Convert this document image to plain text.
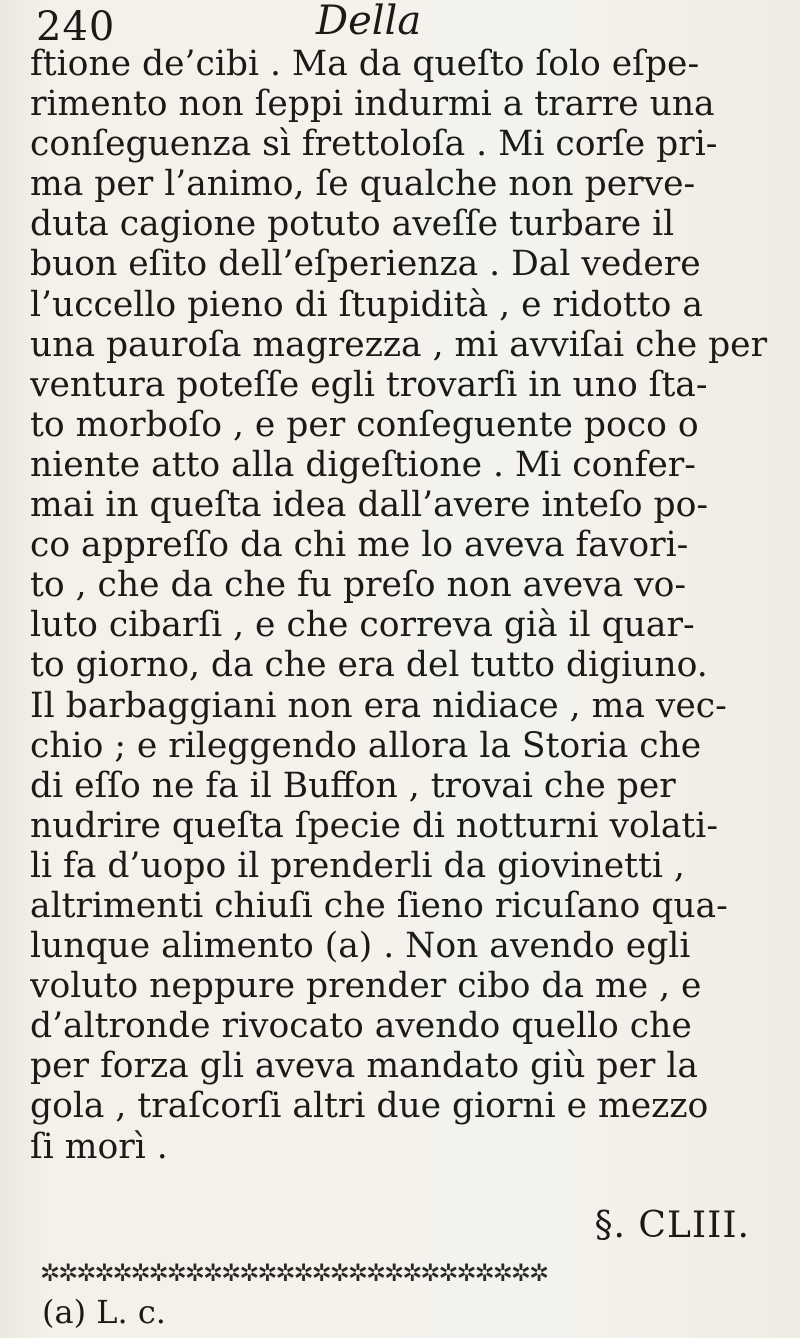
240	Della
ftione de’cibi . Ma da queſto ſolo eſpe-
rimento non ſeppi indurmi a trarre una
conſeguenza sì frettoloſa . Mi corſe pri-
ma per l’animo, ſe qualche non perve-
duta cagione potuto aveſſe turbare il
buon eſito dell’eſperienza . Dal vedere
l’uccello pieno di ſtupidità , e ridotto a
una pauroſa magrezza , mi avviſai che per
ventura poteſſe egli trovarſi in uno ſta-
to morboſo , e per conſeguente poco o
niente atto alla digeſtione . Mi confer-
mai in queſta idea dall’avere inteſo po-
co appreſſo da chi me lo aveva favori-
to , che da che fu preſo non aveva vo-
luto cibarſi , e che correva già il quar-
to giorno, da che era del tutto digiuno.
Il barbaggiani non era nidiace , ma vec-
chio ; e rileggendo allora la Storia che
di eſſo ne fa il Buffon , trovai che per
nudrire queſta ſpecie di notturni volati-
li fa d’uopo il prenderli da giovinetti ,
altrimenti chiuſi che ſieno ricuſano qua-
lunque alimento (a) . Non avendo egli
voluto neppure prender cibo da me , e
d’altronde rivocato avendo quello che
per forza gli aveva mandato giù per la
gola , traſcorſi altri due giorni e mezzo
ſi morì .
§. CLIII.
✲✲✲✲✲✲✲✲✲✲✲✲✲✲✲✲✲✲✲✲✲✲✲✲✲✲✲✲
(a) L. c.
